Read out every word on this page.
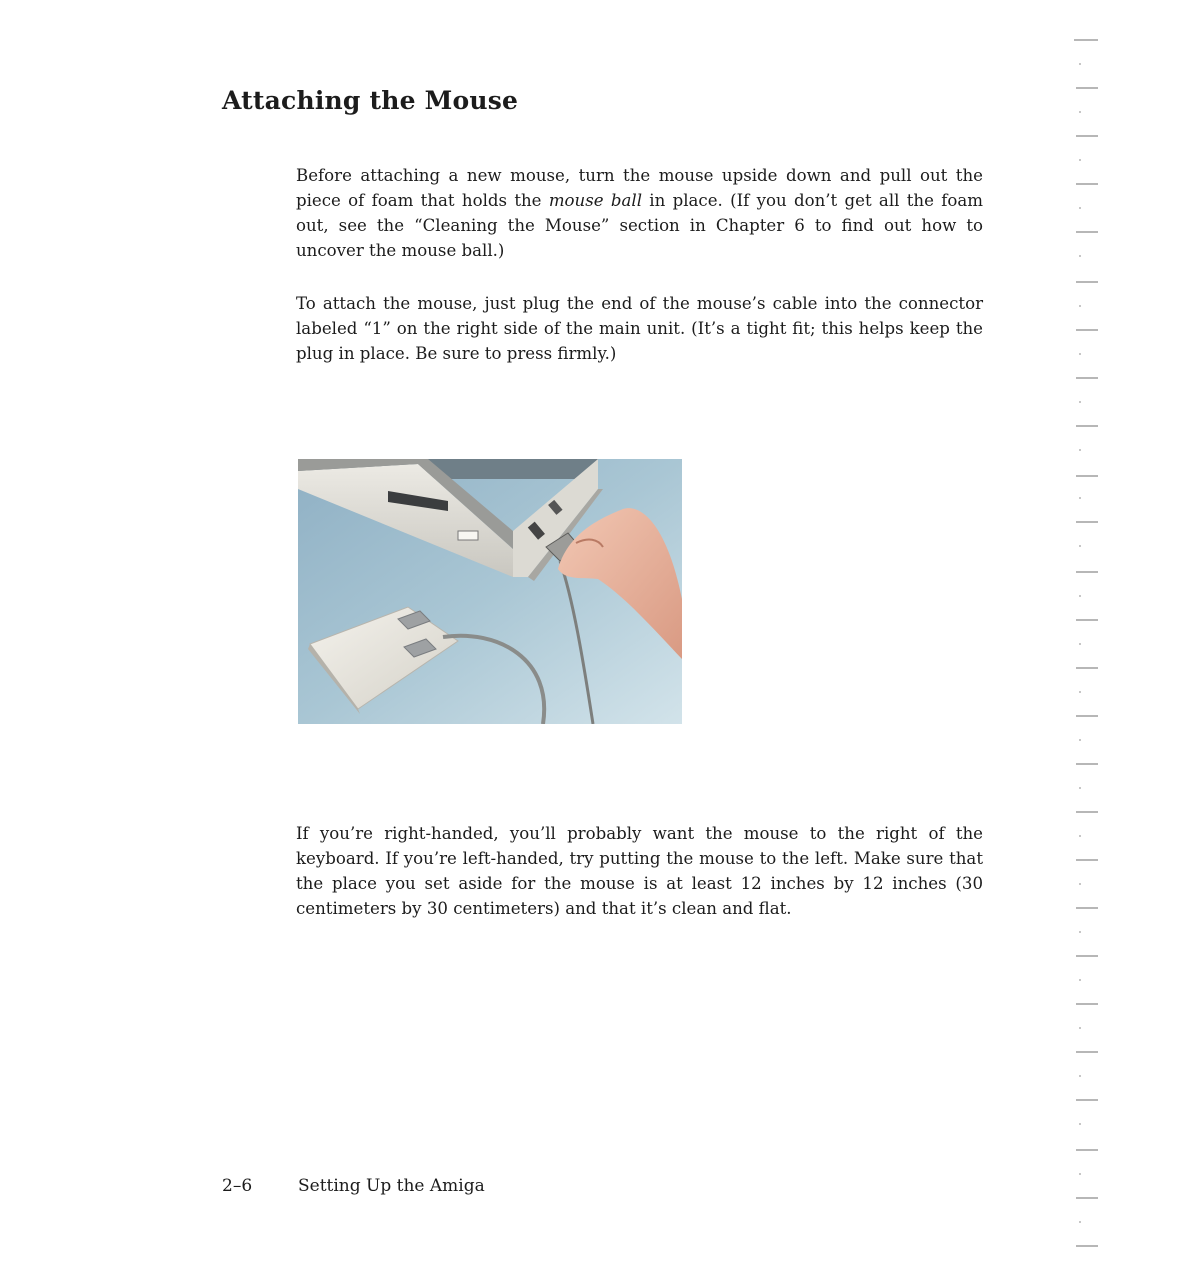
Attaching the Mouse

Before attaching a new mouse, turn the mouse upside down and pull out the piece of foam that holds the mouse ball in place. (If you don’t get all the foam out, see the “Cleaning the Mouse” section in Chapter 6 to find out how to uncover the mouse ball.)

To attach the mouse, just plug the end of the mouse’s cable into the connector labeled “1” on the right side of the main unit. (It’s a tight fit; this helps keep the plug in place. Be sure to press firmly.)

If you’re right-handed, you’ll probably want the mouse to the right of the keyboard. If you’re left-handed, try putting the mouse to the left. Make sure that the place you set aside for the mouse is at least 12 inches by 12 inches (30 centimeters by 30 centimeters) and that it’s clean and flat.

2–6	Setting Up the Amiga
